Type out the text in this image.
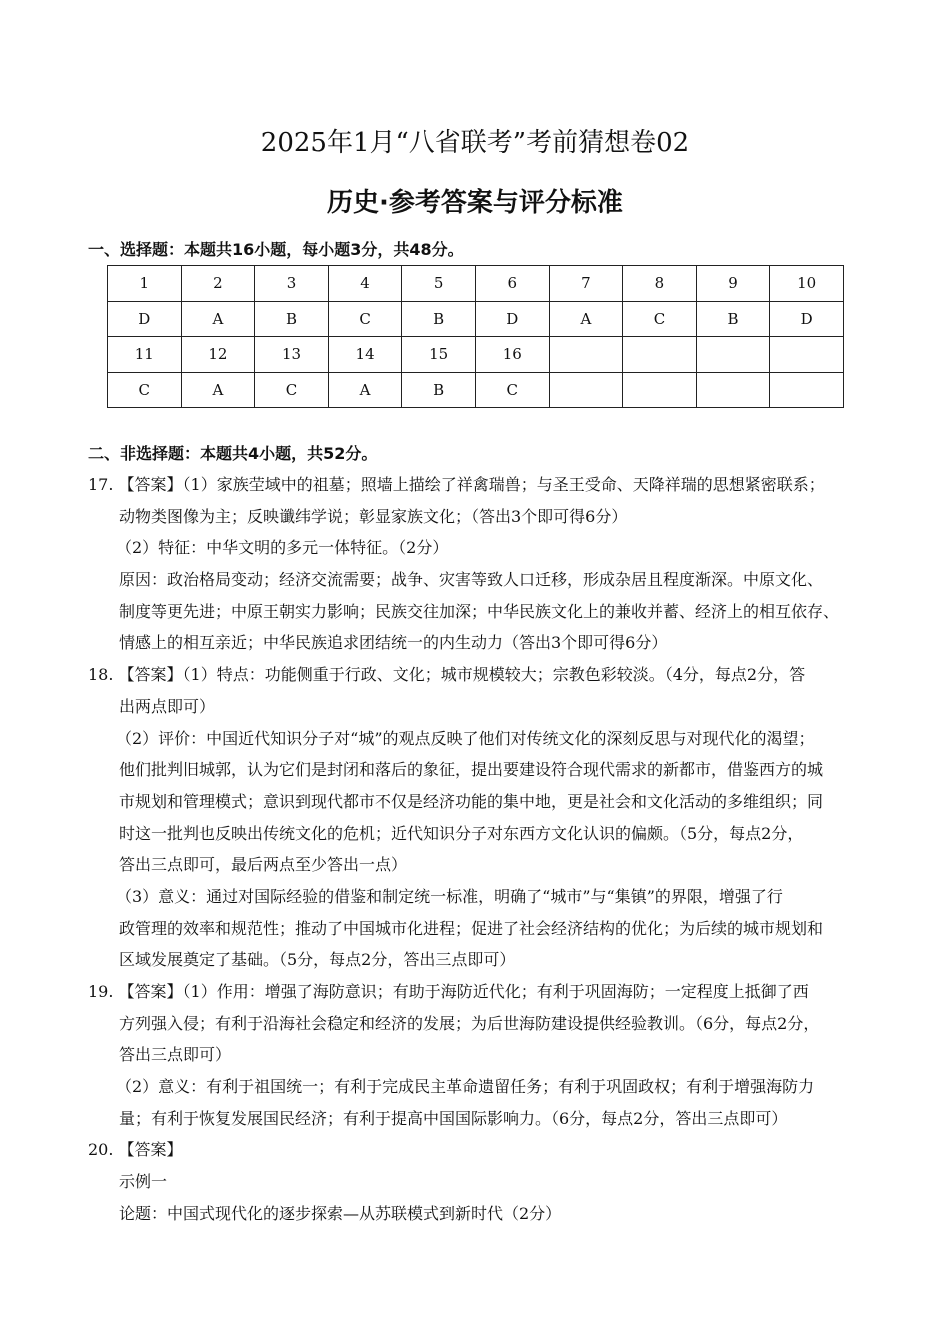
2025年1月“八省联考”考前猜想卷02
历史·参考答案与评分标准
一、选择题：本题共16小题，每小题3分，共48分。
1	2	3	4	5	6	7	8	9	10
D	A	B	C	B	D	A	C	B	D
11	12	13	14	15	16				
C	A	C	A	B	C				
二、非选择题：本题共4小题，共52分。
17. 【答案】（1）家族茔域中的祖墓；照墙上描绘了祥禽瑞兽；与圣王受命、天降祥瑞的思想紧密联系；
动物类图像为主；反映谶纬学说；彰显家族文化；（答出3个即可得6分）
（2）特征：中华文明的多元一体特征。（2分）
原因：政治格局变动；经济交流需要；战争、灾害等致人口迁移，形成杂居且程度渐深。中原文化、
制度等更先进；中原王朝实力影响；民族交往加深；中华民族文化上的兼收并蓄、经济上的相互依存、
情感上的相互亲近；中华民族追求团结统一的内生动力（答出3个即可得6分）
18. 【答案】（1）特点：功能侧重于行政、文化；城市规模较大；宗教色彩较淡。（4分，每点2分，答
出两点即可）
（2）评价：中国近代知识分子对“城”的观点反映了他们对传统文化的深刻反思与对现代化的渴望；
他们批判旧城郭，认为它们是封闭和落后的象征，提出要建设符合现代需求的新都市，借鉴西方的城
市规划和管理模式；意识到现代都市不仅是经济功能的集中地，更是社会和文化活动的多维组织；同
时这一批判也反映出传统文化的危机；近代知识分子对东西方文化认识的偏颇。（5分，每点2分，
答出三点即可，最后两点至少答出一点）
（3）意义：通过对国际经验的借鉴和制定统一标准，明确了“城市”与“集镇”的界限，增强了行
政管理的效率和规范性；推动了中国城市化进程；促进了社会经济结构的优化；为后续的城市规划和
区域发展奠定了基础。（5分，每点2分，答出三点即可）
19. 【答案】（1）作用：增强了海防意识；有助于海防近代化；有利于巩固海防；一定程度上抵御了西
方列强入侵；有利于沿海社会稳定和经济的发展；为后世海防建设提供经验教训。（6分，每点2分，
答出三点即可）
（2）意义：有利于祖国统一；有利于完成民主革命遗留任务；有利于巩固政权；有利于增强海防力
量；有利于恢复发展国民经济；有利于提高中国国际影响力。（6分，每点2分，答出三点即可）
20. 【答案】
示例一
论题：中国式现代化的逐步探索—从苏联模式到新时代（2分）
